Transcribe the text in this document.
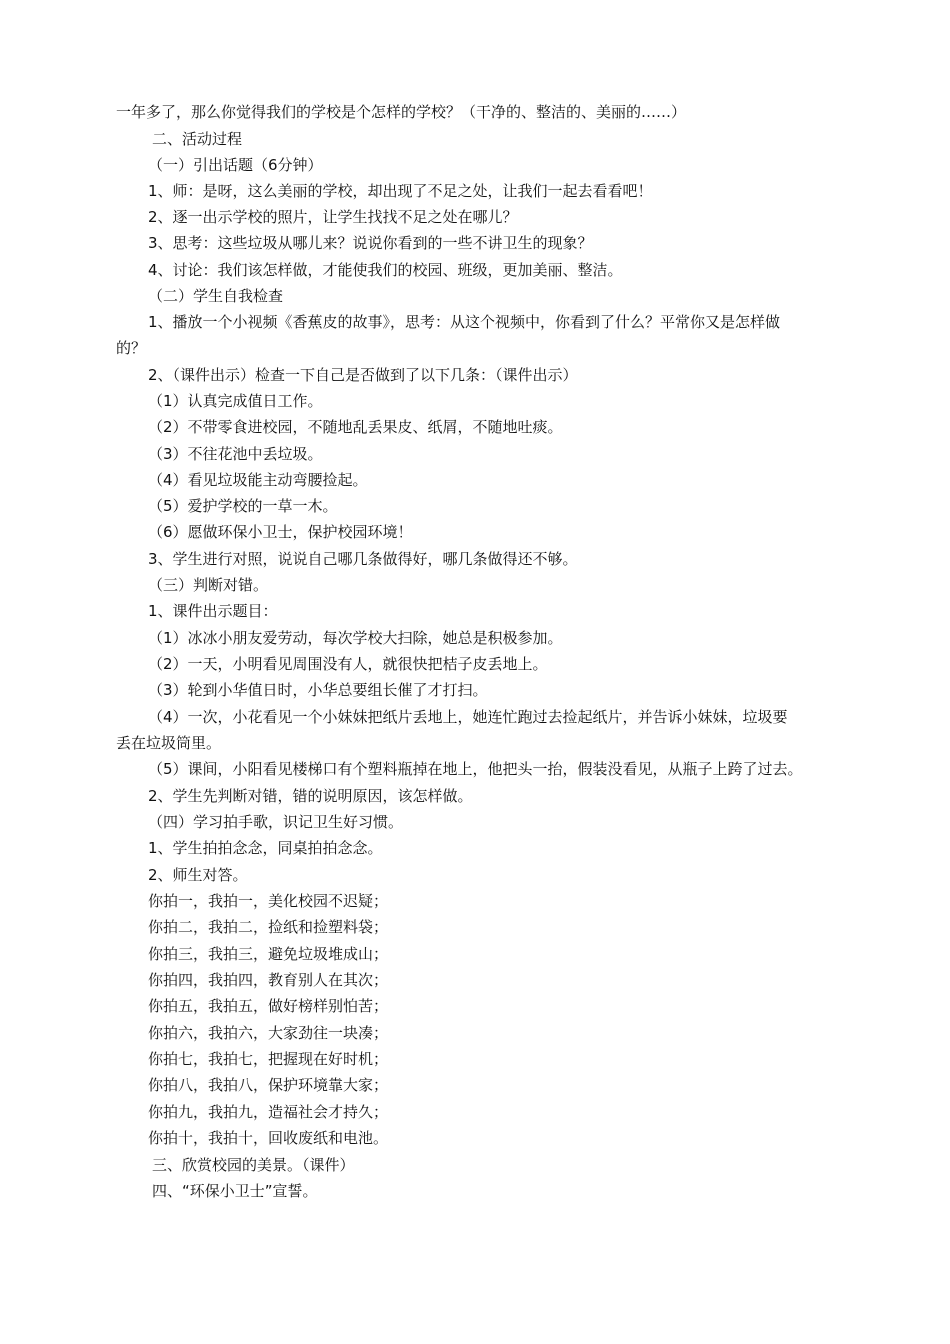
一年多了，那么你觉得我们的学校是个怎样的学校？（干净的、整洁的、美丽的……）
二、活动过程
（一）引出话题（6分钟）
1、师：是呀，这么美丽的学校，却出现了不足之处，让我们一起去看看吧！
2、逐一出示学校的照片，让学生找找不足之处在哪儿？
3、思考：这些垃圾从哪儿来？说说你看到的一些不讲卫生的现象？
4、讨论：我们该怎样做，才能使我们的校园、班级，更加美丽、整洁。
（二）学生自我检查
1、播放一个小视频《香蕉皮的故事》，思考：从这个视频中，你看到了什么？平常你又是怎样做
的？
2、（课件出示）检查一下自己是否做到了以下几条：（课件出示）
（1）认真完成值日工作。
（2）不带零食进校园，不随地乱丢果皮、纸屑，不随地吐痰。
（3）不往花池中丢垃圾。
（4）看见垃圾能主动弯腰捡起。
（5）爱护学校的一草一木。
（6）愿做环保小卫士，保护校园环境！
3、学生进行对照，说说自己哪几条做得好，哪几条做得还不够。
（三）判断对错。
1、课件出示题目：
（1）冰冰小朋友爱劳动，每次学校大扫除，她总是积极参加。
（2）一天，小明看见周围没有人，就很快把桔子皮丢地上。
（3）轮到小华值日时，小华总要组长催了才打扫。
（4）一次，小花看见一个小妹妹把纸片丢地上，她连忙跑过去捡起纸片，并告诉小妹妹，垃圾要
丢在垃圾筒里。
（5）课间，小阳看见楼梯口有个塑料瓶掉在地上，他把头一抬，假装没看见，从瓶子上跨了过去。
2、学生先判断对错，错的说明原因，该怎样做。
（四）学习拍手歌，识记卫生好习惯。
1、学生拍拍念念，同桌拍拍念念。
2、师生对答。
你拍一，我拍一，美化校园不迟疑；
你拍二，我拍二，捡纸和捡塑料袋；
你拍三，我拍三，避免垃圾堆成山；
你拍四，我拍四，教育别人在其次；
你拍五，我拍五，做好榜样别怕苦；
你拍六，我拍六，大家劲往一块凑；
你拍七，我拍七，把握现在好时机；
你拍八，我拍八，保护环境靠大家；
你拍九，我拍九，造福社会才持久；
你拍十，我拍十，回收废纸和电池。
三、欣赏校园的美景。（课件）
四、“环保小卫士”宣誓。
